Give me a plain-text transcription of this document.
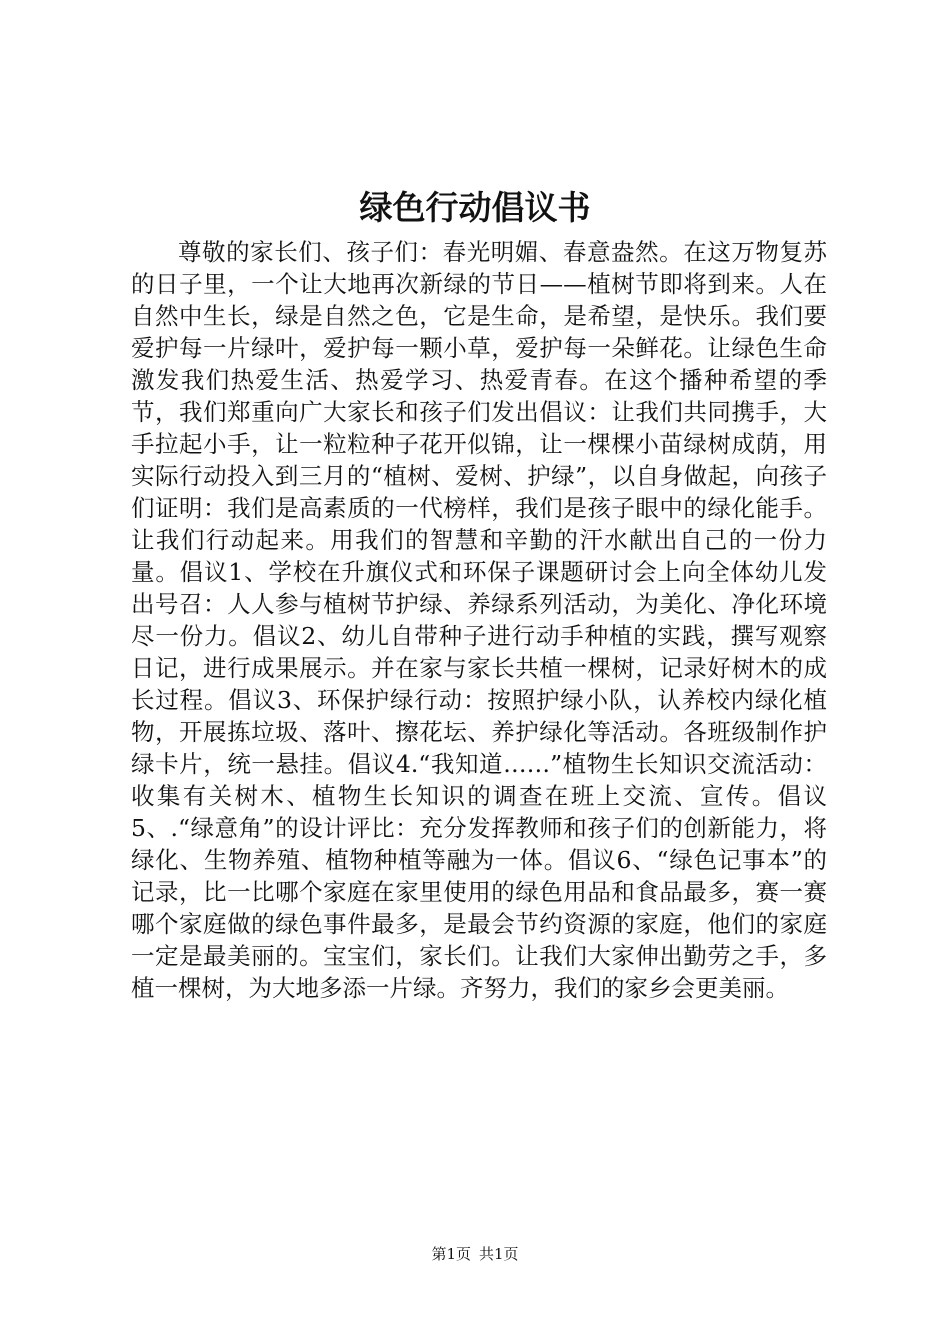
绿色行动倡议书

尊敬的家长们、孩子们：春光明媚、春意盎然。在这万物复苏的日子里，一个让大地再次新绿的节日——植树节即将到来。人在自然中生长，绿是自然之色，它是生命，是希望，是快乐。我们要爱护每一片绿叶，爱护每一颗小草，爱护每一朵鲜花。让绿色生命激发我们热爱生活、热爱学习、热爱青春。在这个播种希望的季节，我们郑重向广大家长和孩子们发出倡议：让我们共同携手，大手拉起小手，让一粒粒种子花开似锦，让一棵棵小苗绿树成荫，用实际行动投入到三月的“植树、爱树、护绿”，以自身做起，向孩子们证明：我们是高素质的一代榜样，我们是孩子眼中的绿化能手。让我们行动起来。用我们的智慧和辛勤的汗水献出自己的一份力量。倡议1、学校在升旗仪式和环保子课题研讨会上向全体幼儿发出号召：人人参与植树节护绿、养绿系列活动，为美化、净化环境尽一份力。倡议2、幼儿自带种子进行动手种植的实践，撰写观察日记，进行成果展示。并在家与家长共植一棵树，记录好树木的成长过程。倡议3、环保护绿行动：按照护绿小队，认养校内绿化植物，开展拣垃圾、落叶、擦花坛、养护绿化等活动。各班级制作护绿卡片，统一悬挂。倡议4.“我知道……”植物生长知识交流活动：收集有关树木、植物生长知识的调查在班上交流、宣传。倡议5、.“绿意角”的设计评比：充分发挥教师和孩子们的创新能力，将绿化、生物养殖、植物种植等融为一体。倡议6、“绿色记事本”的记录，比一比哪个家庭在家里使用的绿色用品和食品最多，赛一赛哪个家庭做的绿色事件最多，是最会节约资源的家庭，他们的家庭一定是最美丽的。宝宝们，家长们。让我们大家伸出勤劳之手，多植一棵树，为大地多添一片绿。齐努力，我们的家乡会更美丽。

第1页 共1页
